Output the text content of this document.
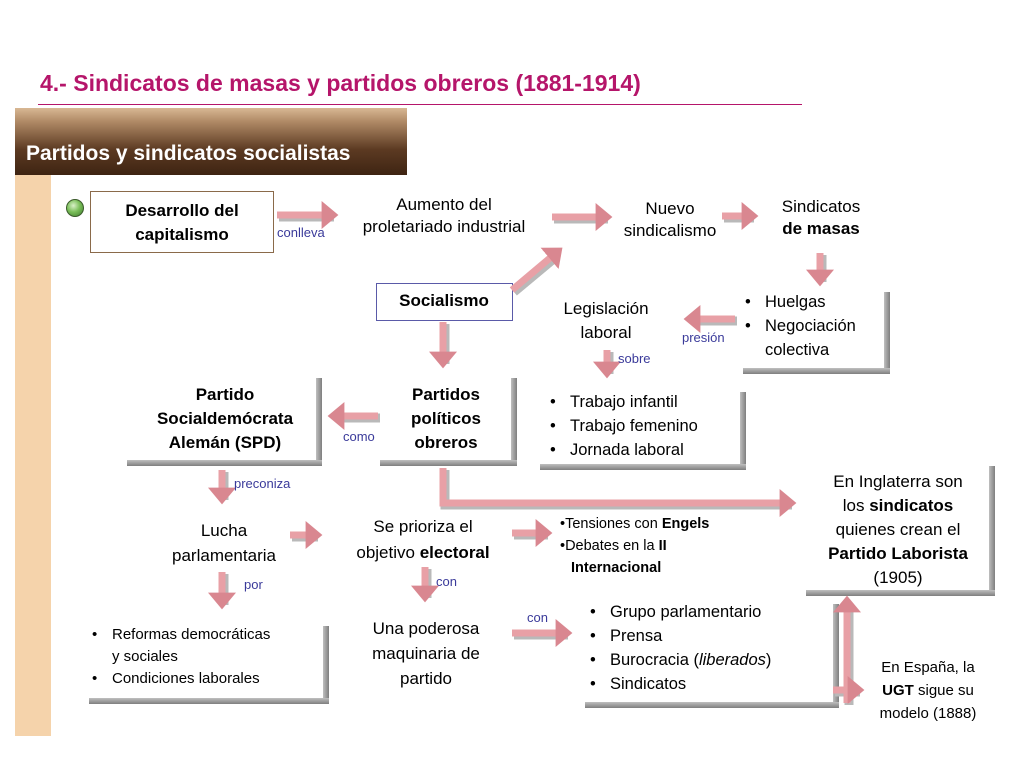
4.- Sindicatos de masas y partidos obreros (1881-1914)
Partidos y sindicatos socialistas
Desarrollo del capitalismo
Aumento del
proletariado industrial
Nuevo
sindicalismo
Sindicatos
de masas
Socialismo	Legislación
laboral
• Huelgas
• Negociación
colectiva
Partido
Socialdemócrata
Alemán (SPD)
Partidos
políticos
obreros
• Trabajo infantil
• Trabajo femenino
• Jornada laboral
En Inglaterra son
los sindicatos
quienes crean el
Partido Laborista
(1905)
Lucha
parlamentaria
Se prioriza el
objetivo electoral
•Tensiones con Engels
•Debates en la II
Internacional
Una poderosa
maquinaria de
partido
• Grupo parlamentario
• Prensa
• Burocracia (liberados)
• Sindicatos
• Reformas democráticas
y sociales
• Condiciones laborales
En España, la
UGT sigue su
modelo (1888)
conlleva
presión
sobre
como
preconiza
por	con
con
